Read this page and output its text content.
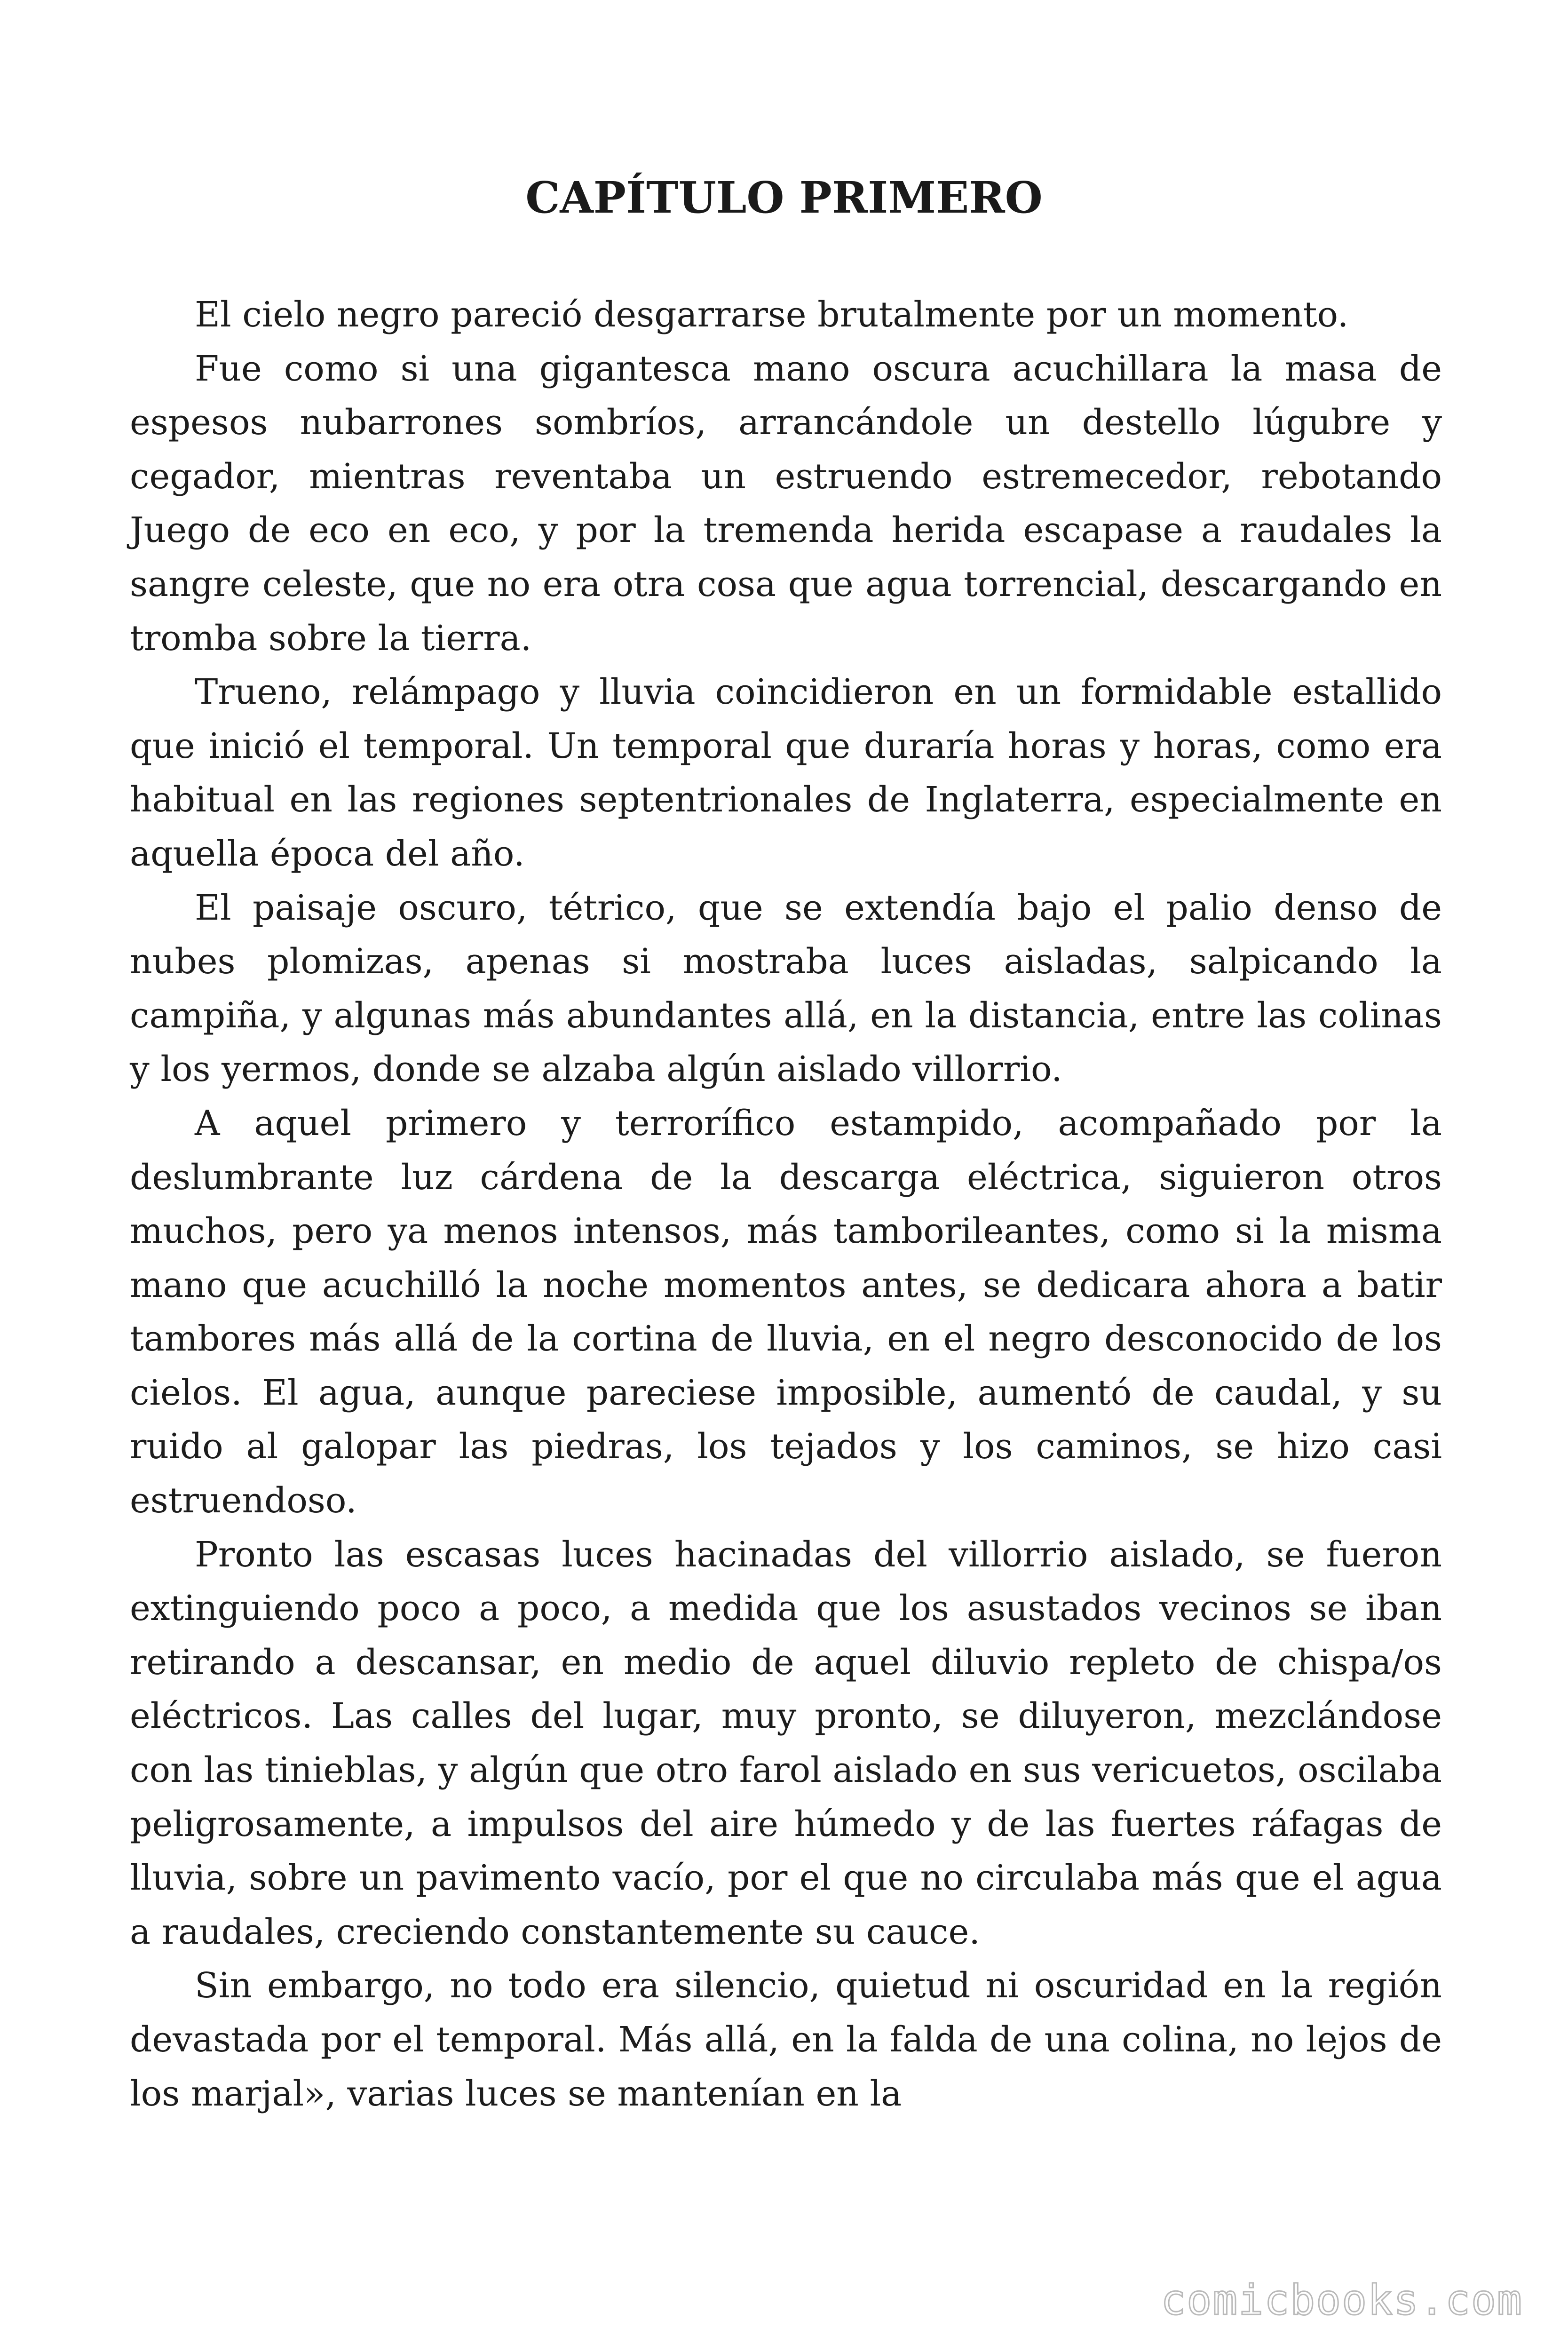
CAPÍTULO PRIMERO

El cielo negro pareció desgarrarse brutalmente por un momento.

Fue como si una gigantesca mano oscura acuchillara la masa de espesos nubarrones sombríos, arrancándole un destello lúgubre y cegador, mientras reventaba un estruendo estremecedor, rebotando Juego de eco en eco, y por la tremenda herida escapase a raudales la sangre celeste, que no era otra cosa que agua torrencial, descargando en tromba sobre la tierra.

Trueno, relámpago y lluvia coincidieron en un formidable estallido que inició el temporal. Un temporal que duraría horas y horas, como era habitual en las regiones septentrionales de Inglaterra, especialmente en aquella época del año.

El paisaje oscuro, tétrico, que se extendía bajo el palio denso de nubes plomizas, apenas si mostraba luces aisladas, salpicando la campiña, y algunas más abundantes allá, en la distancia, entre las colinas y los yermos, donde se alzaba algún aislado villorrio.

A aquel primero y terrorífico estampido, acompañado por la deslumbrante luz cárdena de la descarga eléctrica, siguieron otros muchos, pero ya menos intensos, más tamborileantes, como si la misma mano que acuchilló la noche momentos antes, se dedicara ahora a batir tambores más allá de la cortina de lluvia, en el negro desconocido de los cielos. El agua, aunque pareciese imposible, aumentó de caudal, y su ruido al galopar las piedras, los tejados y los caminos, se hizo casi estruendoso.

Pronto las escasas luces hacinadas del villorrio aislado, se fueron extinguiendo poco a poco, a medida que los asustados vecinos se iban retirando a descansar, en medio de aquel diluvio repleto de chispa/os eléctricos. Las calles del lugar, muy pronto, se diluyeron, mezclándose con las tinieblas, y algún que otro farol aislado en sus vericuetos, oscilaba peligrosamente, a impulsos del aire húmedo y de las fuertes ráfagas de lluvia, sobre un pavimento vacío, por el que no circulaba más que el agua a raudales, creciendo constantemente su cauce.

Sin embargo, no todo era silencio, quietud ni oscuridad en la región devastada por el temporal. Más allá, en la falda de una colina, no lejos de los marjal», varias luces se mantenían en la

comicbooks.com
